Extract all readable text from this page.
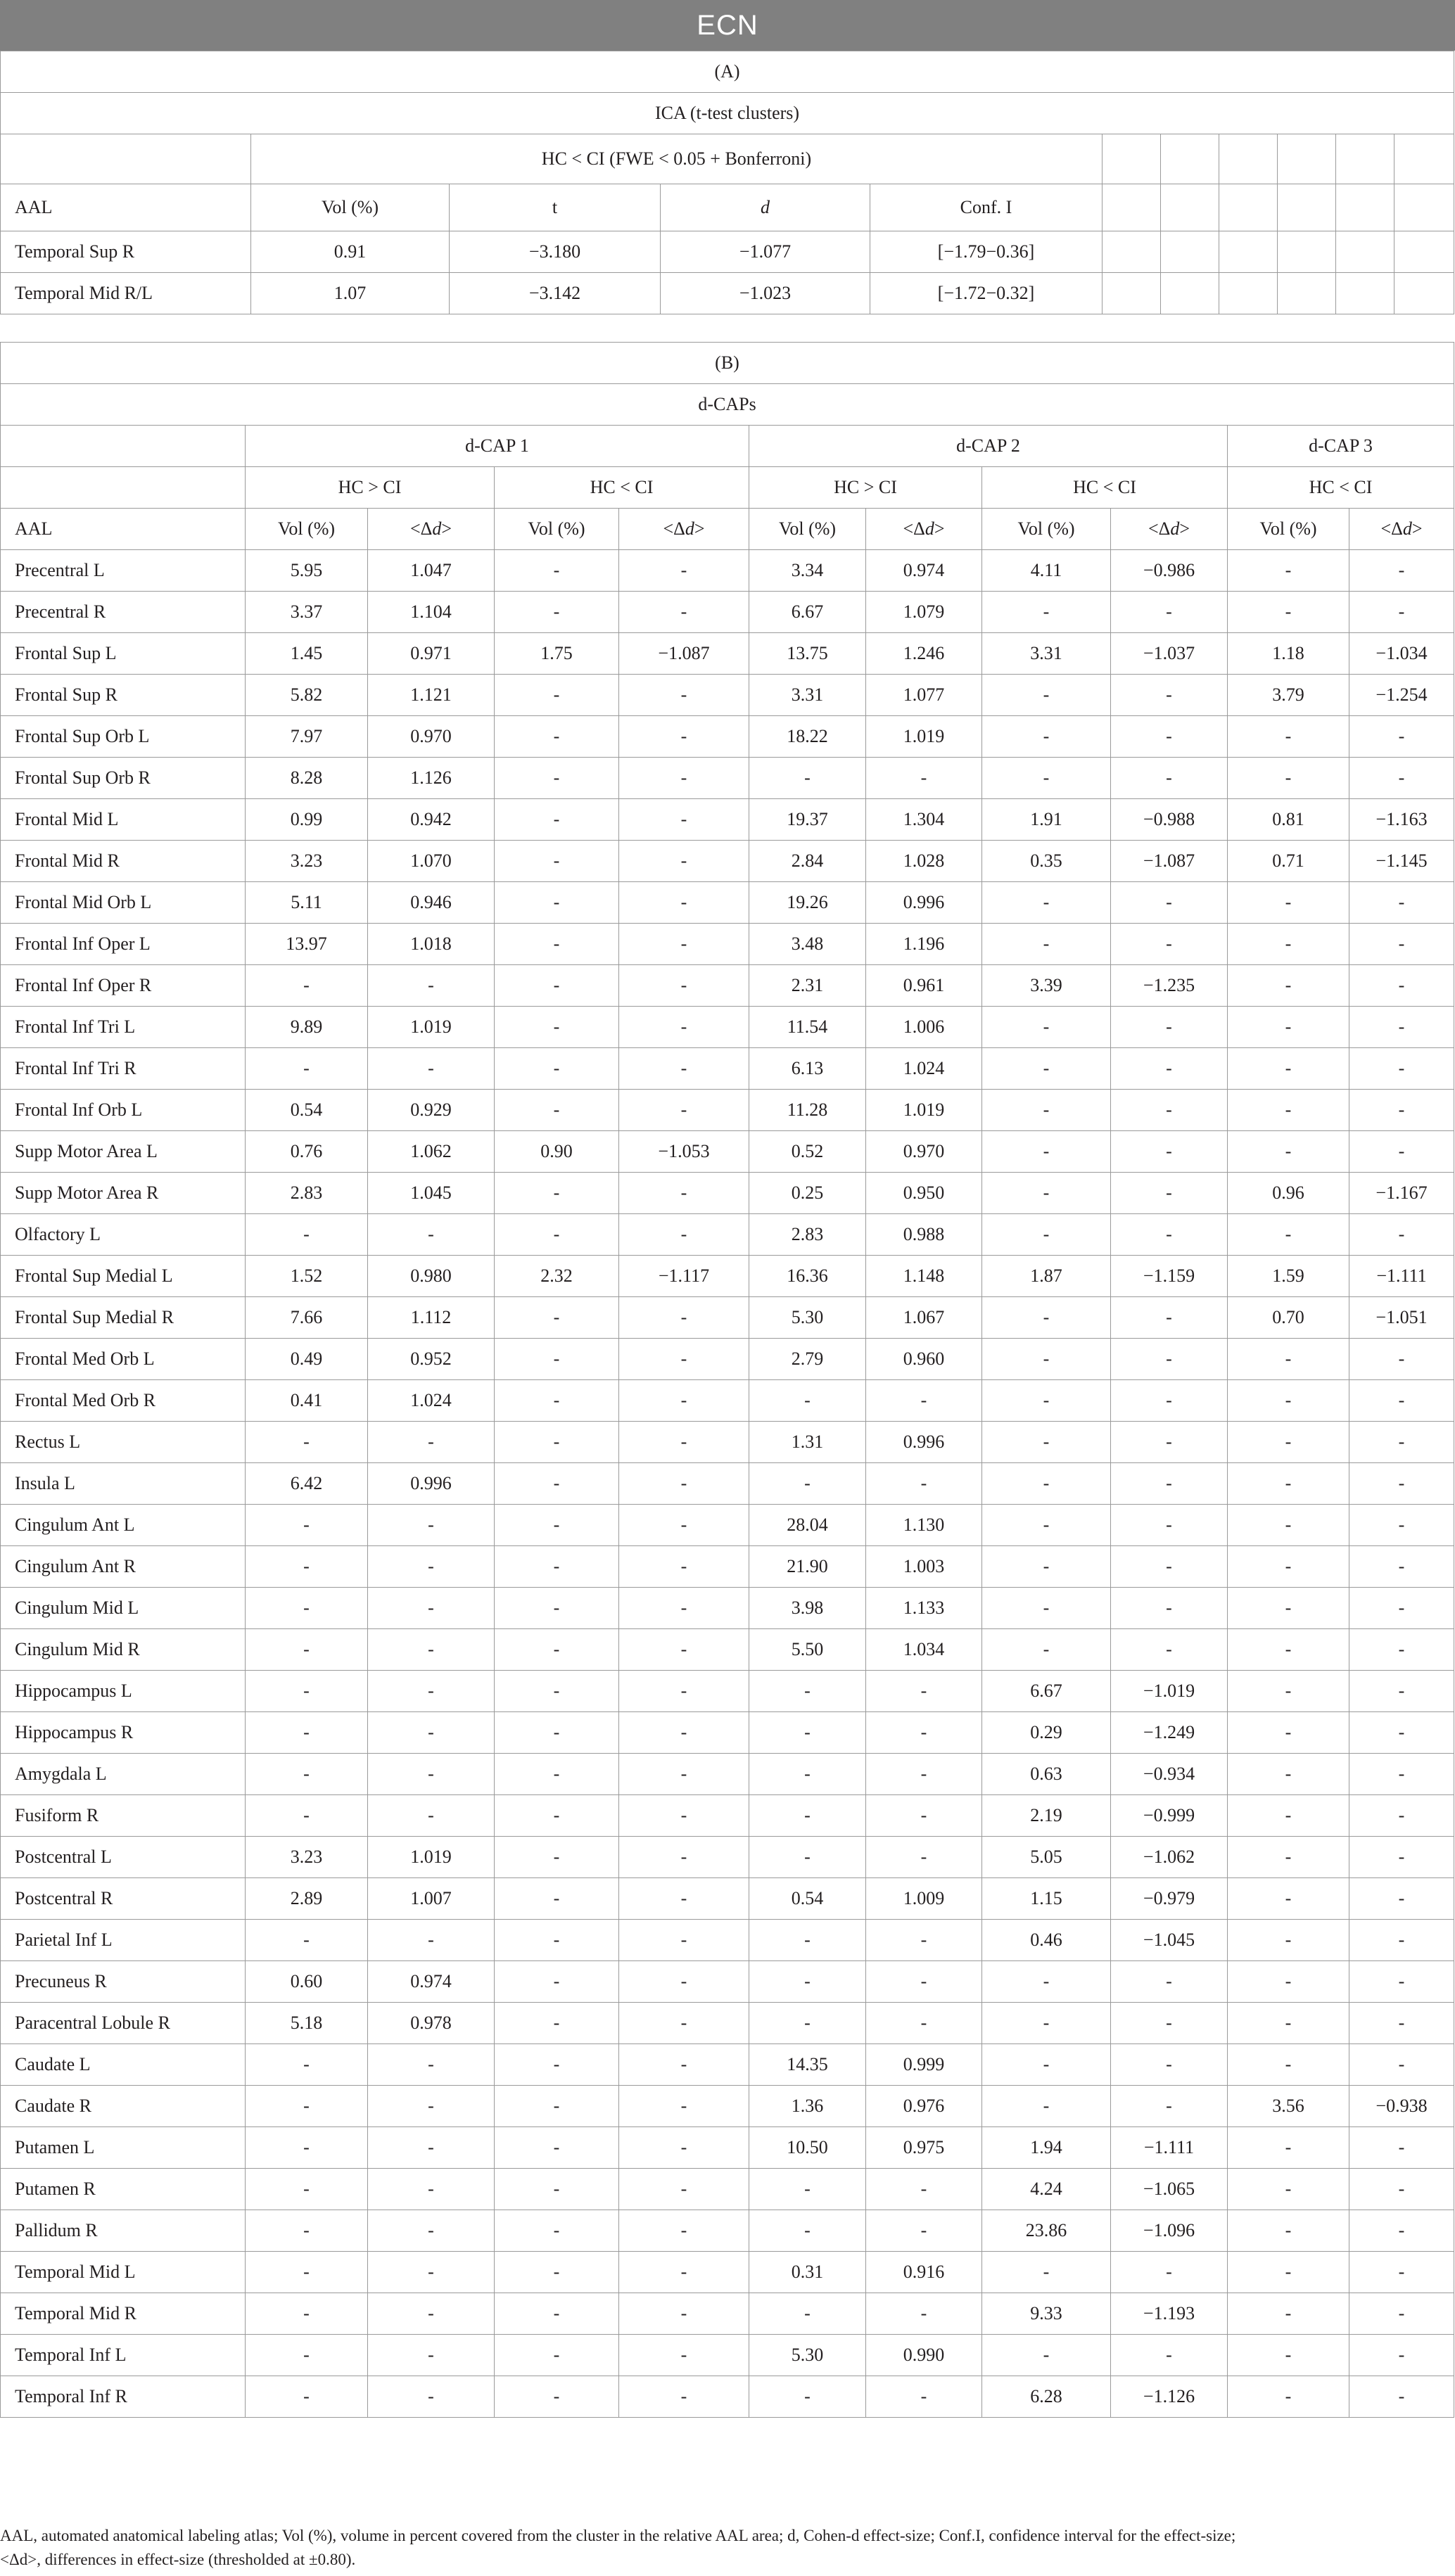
ECN
(A)										
ICA (t-test clusters)										
	HC < CI (FWE < 0.05 + Bonferroni)									
AAL	Vol (%)	t	d	Conf. I						
Temporal Sup R	0.91	−3.180	−1.077	[−1.79−0.36]						
Temporal Mid R/L	1.07	−3.142	−1.023	[−1.72−0.32]						
(B)										
d-CAPs										
	d-CAP 1				d-CAP 2				d-CAP 3	
	HC > CI		HC < CI		HC > CI		HC < CI		HC < CI	
AAL	Vol (%)	<Δd>	Vol (%)	<Δd>	Vol (%)	<Δd>	Vol (%)	<Δd>	Vol (%)	<Δd>
Precentral L	5.95	1.047	-	-	3.34	0.974	4.11	−0.986	-	-
Precentral R	3.37	1.104	-	-	6.67	1.079	-	-	-	-
Frontal Sup L	1.45	0.971	1.75	−1.087	13.75	1.246	3.31	−1.037	1.18	−1.034
Frontal Sup R	5.82	1.121	-	-	3.31	1.077	-	-	3.79	−1.254
Frontal Sup Orb L	7.97	0.970	-	-	18.22	1.019	-	-	-	-
Frontal Sup Orb R	8.28	1.126	-	-	-	-	-	-	-	-
Frontal Mid L	0.99	0.942	-	-	19.37	1.304	1.91	−0.988	0.81	−1.163
Frontal Mid R	3.23	1.070	-	-	2.84	1.028	0.35	−1.087	0.71	−1.145
Frontal Mid Orb L	5.11	0.946	-	-	19.26	0.996	-	-	-	-
Frontal Inf Oper L	13.97	1.018	-	-	3.48	1.196	-	-	-	-
Frontal Inf Oper R	-	-	-	-	2.31	0.961	3.39	−1.235	-	-
Frontal Inf Tri L	9.89	1.019	-	-	11.54	1.006	-	-	-	-
Frontal Inf Tri R	-	-	-	-	6.13	1.024	-	-	-	-
Frontal Inf Orb L	0.54	0.929	-	-	11.28	1.019	-	-	-	-
Supp Motor Area L	0.76	1.062	0.90	−1.053	0.52	0.970	-	-	-	-
Supp Motor Area R	2.83	1.045	-	-	0.25	0.950	-	-	0.96	−1.167
Olfactory L	-	-	-	-	2.83	0.988	-	-	-	-
Frontal Sup Medial L	1.52	0.980	2.32	−1.117	16.36	1.148	1.87	−1.159	1.59	−1.111
Frontal Sup Medial R	7.66	1.112	-	-	5.30	1.067	-	-	0.70	−1.051
Frontal Med Orb L	0.49	0.952	-	-	2.79	0.960	-	-	-	-
Frontal Med Orb R	0.41	1.024	-	-	-	-	-	-	-	-
Rectus L	-	-	-	-	1.31	0.996	-	-	-	-
Insula L	6.42	0.996	-	-	-	-	-	-	-	-
Cingulum Ant L	-	-	-	-	28.04	1.130	-	-	-	-
Cingulum Ant R	-	-	-	-	21.90	1.003	-	-	-	-
Cingulum Mid L	-	-	-	-	3.98	1.133	-	-	-	-
Cingulum Mid R	-	-	-	-	5.50	1.034	-	-	-	-
Hippocampus L	-	-	-	-	-	-	6.67	−1.019	-	-
Hippocampus R	-	-	-	-	-	-	0.29	−1.249	-	-
Amygdala L	-	-	-	-	-	-	0.63	−0.934	-	-
Fusiform R	-	-	-	-	-	-	2.19	−0.999	-	-
Postcentral L	3.23	1.019	-	-	-	-	5.05	−1.062	-	-
Postcentral R	2.89	1.007	-	-	0.54	1.009	1.15	−0.979	-	-
Parietal Inf L	-	-	-	-	-	-	0.46	−1.045	-	-
Precuneus R	0.60	0.974	-	-	-	-	-	-	-	-
Paracentral Lobule R	5.18	0.978	-	-	-	-	-	-	-	-
Caudate L	-	-	-	-	14.35	0.999	-	-	-	-
Caudate R	-	-	-	-	1.36	0.976	-	-	3.56	−0.938
Putamen L	-	-	-	-	10.50	0.975	1.94	−1.111	-	-
Putamen R	-	-	-	-	-	-	4.24	−1.065	-	-
Pallidum R	-	-	-	-	-	-	23.86	−1.096	-	-
Temporal Mid L	-	-	-	-	0.31	0.916	-	-	-	-
Temporal Mid R	-	-	-	-	-	-	9.33	−1.193	-	-
Temporal Inf L	-	-	-	-	5.30	0.990	-	-	-	-
Temporal Inf R	-	-	-	-	-	-	6.28	−1.126	-	-
AAL, automated anatomical labeling atlas; Vol (%), volume in percent covered from the cluster in the relative AAL area; d, Cohen-d effect-size; Conf.I, confidence interval for the effect-size;
<Δd>, differences in effect-size (thresholded at ±0.80).
